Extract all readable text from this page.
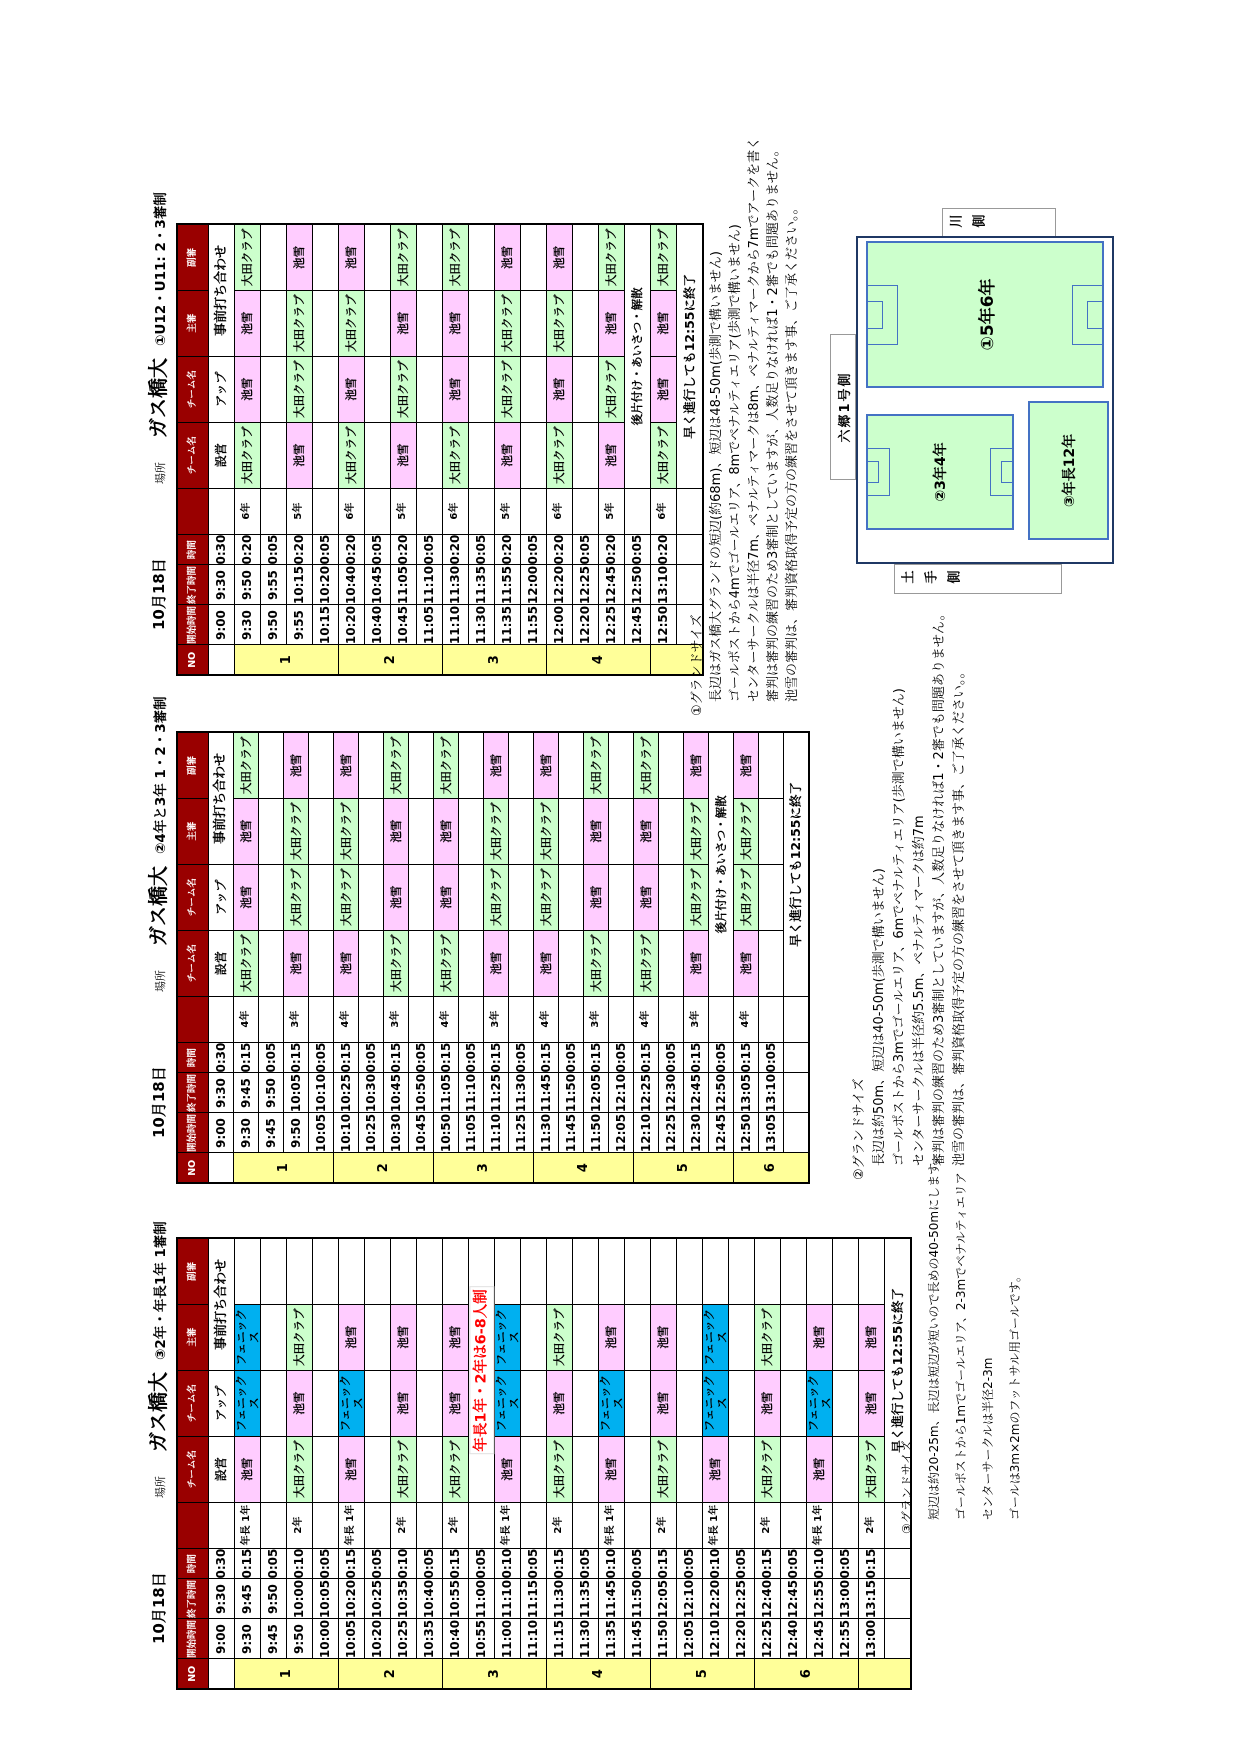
10月18日
場所
ガス橋大
③2年・年長1年 1審制
NO	開始時間	終了時間	時間		チーム名	チーム名	主審	副審
	9:00	9:30	0:30		設営	アップ	事前打ち合わせ	
1	9:30	9:45	0:15	年長 1年	池雪	フェニックス	フェニックス	
	9:45	9:50	0:05					
	9:50	10:00	0:10	2年	大田クラブ	池雪	大田クラブ	
	10:00	10:05	0:05					
2	10:05	10:20	0:15	年長 1年	池雪	フェニックス	池雪	
	10:20	10:25	0:05					
	10:25	10:35	0:10	2年	大田クラブ	池雪	池雪	
	10:35	10:40	0:05					
3	10:40	10:55	0:15	2年	大田クラブ	池雪	池雪	
	10:55	11:00	0:05		年長1年・2年は6-8人制			

	11:00	11:10	0:10	年長 1年	池雪	フェニックス	フェニックス	
	11:10	11:15	0:05					
4	11:15	11:30	0:15	2年	大田クラブ	池雪	大田クラブ	
	11:30	11:35	0:05					
	11:35	11:45	0:10	年長 1年	池雪	フェニックス	池雪	
	11:45	11:50	0:05					
5	11:50	12:05	0:15	2年	大田クラブ	池雪	池雪	
	12:05	12:10	0:05					
	12:10	12:20	0:10	年長 1年	池雪	フェニックス	フェニックス	
	12:20	12:25	0:05					
6	12:25	12:40	0:15	2年	大田クラブ	池雪	大田クラブ	
	12:40	12:45	0:05					
	12:45	12:55	0:10	年長 1年	池雪	フェニックス	池雪	
	12:55	13:00	0:05					
	13:00	13:15	0:15	2年	大田クラブ	池雪	池雪	
					早く進行しても12:55に終了			
10月18日
場所
ガス橋大
②4年と3年 1・2・3審制
NO	開始時間	終了時間	時間		チーム名	チーム名	主審	副審
	9:00	9:30	0:30		設営	アップ	事前打ち合わせ	
1	9:30	9:45	0:15	4年	大田クラブ	池雪	池雪	大田クラブ
	9:45	9:50	0:05					
	9:50	10:05	0:15	3年	池雪	大田クラブ	大田クラブ	池雪
	10:05	10:10	0:05					
2	10:10	10:25	0:15	4年	池雪	大田クラブ	大田クラブ	池雪
	10:25	10:30	0:05					
	10:30	10:45	0:15	3年	大田クラブ	池雪	池雪	大田クラブ
	10:45	10:50	0:05					
3	10:50	11:05	0:15	4年	大田クラブ	池雪	池雪	大田クラブ
	11:05	11:10	0:05					
	11:10	11:25	0:15	3年	池雪	大田クラブ	大田クラブ	池雪
	11:25	11:30	0:05					
4	11:30	11:45	0:15	4年	池雪	大田クラブ	大田クラブ	池雪
	11:45	11:50	0:05					
	11:50	12:05	0:15	3年	大田クラブ	池雪	池雪	大田クラブ
	12:05	12:10	0:05					
5	12:10	12:25	0:15	4年	大田クラブ	池雪	池雪	大田クラブ
	12:25	12:30	0:05					
	12:30	12:45	0:15	3年	池雪	大田クラブ	大田クラブ	池雪
	12:45	12:50	0:05		後片付け・あいさつ・解散			
6	12:50	13:05	0:15	4年	池雪	大田クラブ	大田クラブ	池雪
	13:05	13:10	0:05					
					早く進行しても12:55に終了			
10月18日
場所
ガス橋大
①U12・U11: 2・3審制
NO	開始時間	終了時間	時間		チーム名	チーム名	主審	副審
	9:00	9:30	0:30		設営	アップ	事前打ち合わせ	
1	9:30	9:50	0:20	6年	大田クラブ	池雪	池雪	大田クラブ
	9:50	9:55	0:05					
	9:55	10:15	0:20	5年	池雪	大田クラブ	大田クラブ	池雪
	10:15	10:20	0:05					
2	10:20	10:40	0:20	6年	大田クラブ	池雪	大田クラブ	池雪
	10:40	10:45	0:05					
	10:45	11:05	0:20	5年	池雪	大田クラブ	池雪	大田クラブ
	11:05	11:10	0:05					
3	11:10	11:30	0:20	6年	大田クラブ	池雪	池雪	大田クラブ
	11:30	11:35	0:05					
	11:35	11:55	0:20	5年	池雪	大田クラブ	大田クラブ	池雪
	11:55	12:00	0:05					
4	12:00	12:20	0:20	6年	大田クラブ	池雪	大田クラブ	池雪
	12:20	12:25	0:05					
	12:25	12:45	0:20	5年	池雪	大田クラブ	池雪	大田クラブ
	12:45	12:50	0:05		後片付け・あいさつ・解散			
	12:50	13:10	0:20	6年	大田クラブ	池雪	池雪	大田クラブ
					早く進行しても12:55に終了			
①グランドサイズ 長辺はガス橋大グランドの短辺(約68m)、短辺は48-50m(歩測で構いません) ゴールポストから4mでゴールエリア、8mでペナルティエリア(歩測で構いません) センターサークルは半径7m、ペナルティマークは8m、ペナルティマークから7mでアークを書く 審判は審判の練習のため3審制としていますが、人数足りなければ1・2審でも問題ありません。 池雪の審判は、審判資格取得予定の方の練習をさせて頂きます事、ご了承ください。。
②グランドサイズ 長辺は約50m、短辺は40-50m(歩測で構いません) ゴールポストから3mでゴールエリア、6mでペナルティエリア(歩測で構いません) センターサークルは半径約5.5m、ペナルティマークは約7m 審判は審判の練習のため3審制としていますが、人数足りなければ1・2審でも問題ありません。 池雪の審判は、審判資格取得予定の方の練習をさせて頂きます事、ご了承ください。。
③グランドサイズ	短辺は約20-25m、長辺は短辺が短いので長めの40-50mにします。	ゴールポストから1mでゴールエリア、2-3mでペナルティエリア	センターサークルは半径2-3m	ゴールは3m×2mのフットサル用ゴールです。
六郷1号側
川側
土手側
①5年6年
②3年4年	③年長12年
